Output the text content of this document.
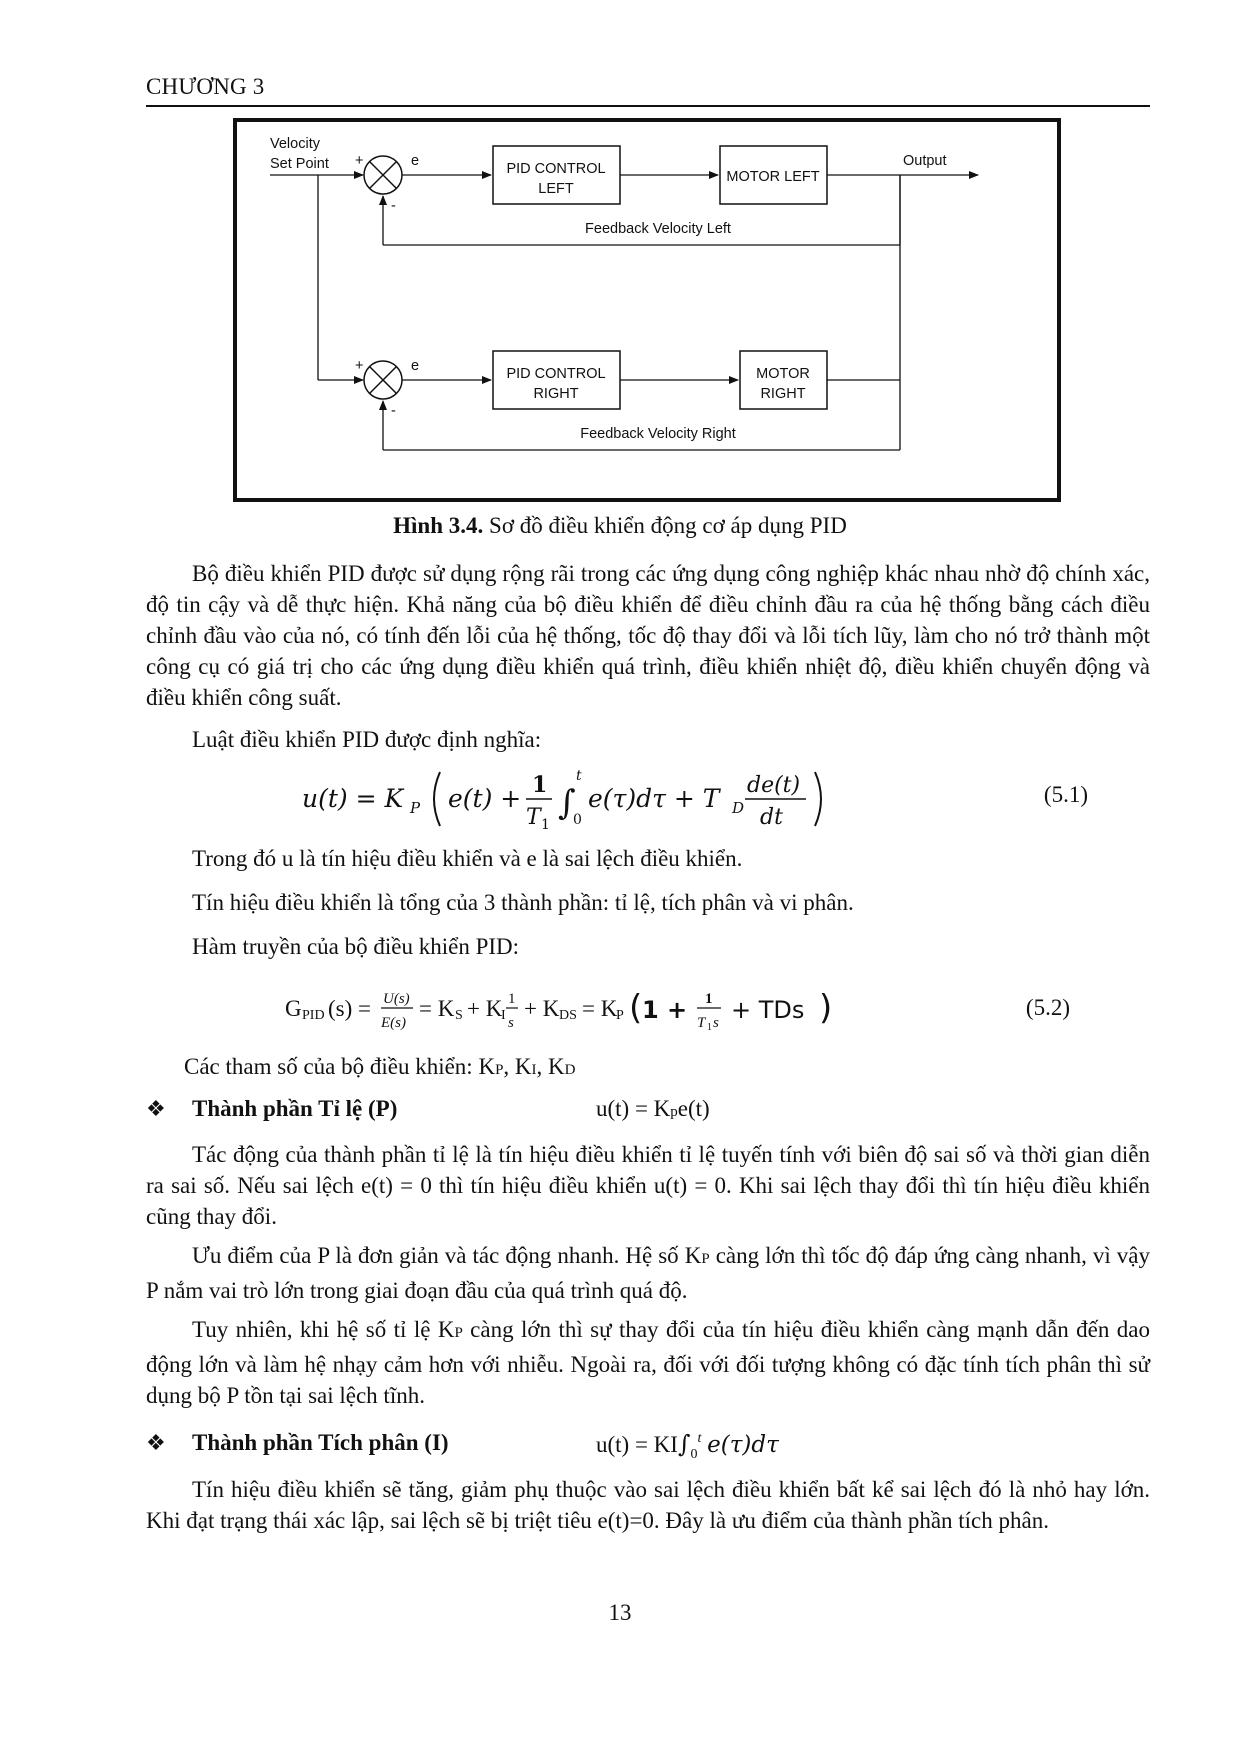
CHƯƠNG 3
Velocity
Set Point +
-
e	PID CONTROL
LEFT
MOTOR LEFT
Output
Feedback Velocity Left
+
-
e	PID CONTROL
RIGHT
MOTOR
RIGHT
Feedback Velocity Right
Hình 3.4. Sơ đồ điều khiển động cơ áp dụng PID

Bộ điều khiển PID được sử dụng rộng rãi trong các ứng dụng công nghiệp khác nhau nhờ độ chính xác, độ tin cậy và dễ thực hiện. Khả năng của bộ điều khiển để điều chỉnh đầu ra của hệ thống bằng cách điều chỉnh đầu vào của nó, có tính đến lỗi của hệ thống, tốc độ thay đổi và lỗi tích lũy, làm cho nó trở thành một công cụ có giá trị cho các ứng dụng điều khiển quá trình, điều khiển nhiệt độ, điều khiển chuyển động và điều khiển công suất.

Luật điều khiển PID được định nghĩa:
u(t) = K P e(t) + 1
T 1
∫
t
0
e(τ)dτ + T D
de(t)
dt
(5.1)
Trong đó u là tín hiệu điều khiển và e là sai lệch điều khiển.
Tín hiệu điều khiển là tổng của 3 thành phần: tỉ lệ, tích phân và vi phân.
Hàm truyền của bộ điều khiển PID:
G PID (s) = U(s)
E(s)
= K S + K
I
1
s
+ K DS = K
P ( 1 + 1
T 1 s + TDs )	(5.2)
Các tham số của bộ điều khiển: KP, KI, KD
❖ Thành phần Tỉ lệ (P)	u(t) = Kpe(t)

Tác động của thành phần tỉ lệ là tín hiệu điều khiển tỉ lệ tuyến tính với biên độ sai số và thời gian diễn ra sai số. Nếu sai lệch e(t) = 0 thì tín hiệu điều khiển u(t) = 0. Khi sai lệch thay đổi thì tín hiệu điều khiển cũng thay đổi.

Ưu điểm của P là đơn giản và tác động nhanh. Hệ số KP càng lớn thì tốc độ đáp ứng càng nhanh, vì vậy P nắm vai trò lớn trong giai đoạn đầu của quá trình quá độ.

Tuy nhiên, khi hệ số tỉ lệ KP càng lớn thì sự thay đổi của tín hiệu điều khiển càng mạnh dẫn đến dao động lớn và làm hệ nhạy cảm hơn với nhiễu. Ngoài ra, đối với đối tượng không có đặc tính tích phân thì sử dụng bộ P tồn tại sai lệch tĩnh.

❖ Thành phần Tích phân (I)	$u(t) = KI\int_0^t$ e(τ)dτ

Tín hiệu điều khiển sẽ tăng, giảm phụ thuộc vào sai lệch điều khiển bất kể sai lệch đó là nhỏ hay lớn. Khi đạt trạng thái xác lập, sai lệch sẽ bị triệt tiêu e(t)=0. Đây là ưu điểm của thành phần tích phân.

13
